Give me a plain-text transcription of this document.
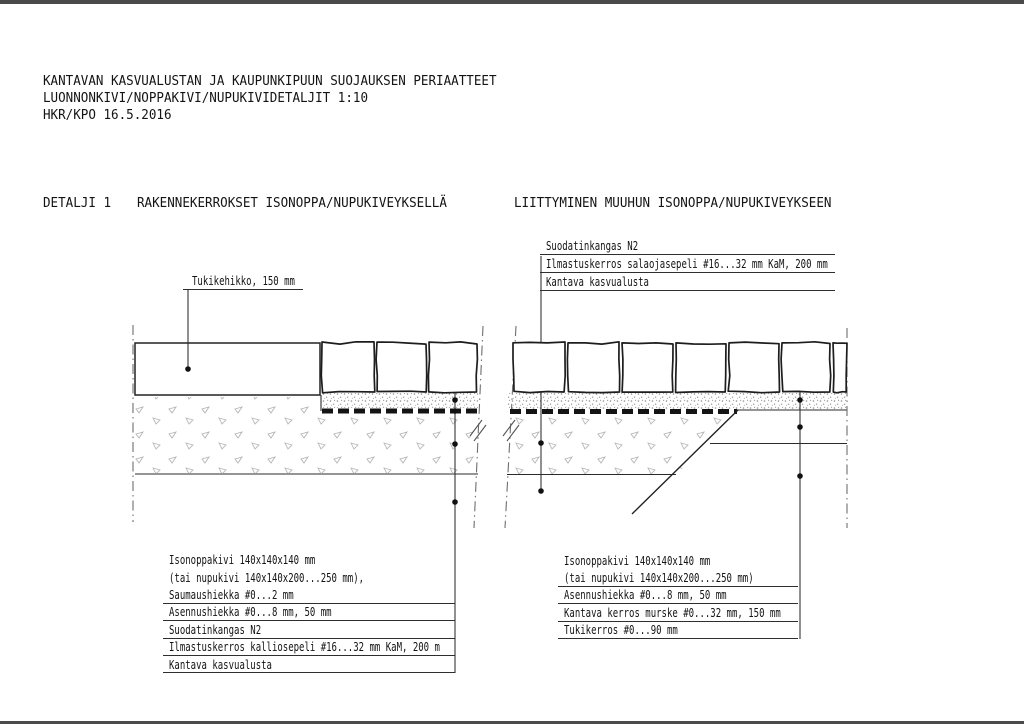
KANTAVAN KASVUALUSTAN JA KAUPUNKIPUUN SUOJAUKSEN PERIAATTEET
LUONNONKIVI/NOPPAKIVI/NUPUKIVIDETALJIT 1:10
HKR/KPO 16.5.2016
DETALJI 1 RAKENNEKERROKSET ISONOPPA/NUPUKIVEYKSELLÄ	LIITTYMINEN MUUHUN ISONOPPA/NUPUKIVEYKSEEN
Tukikehikko, 150 mm
Suodatinkangas N2
Ilmastuskerros salaojasepeli #16...32 mm KaM, 200 mm
Kantava kasvualusta
Isonoppakivi 140x140x140 mm
(tai nupukivi 140x140x200...250 mm),
Saumaushiekka #0...2 mm
Asennushiekka #0...8 mm, 50 mm
Suodatinkangas N2
Ilmastuskerros kalliosepeli #16...32 mm KaM, 200 m
Kantava kasvualusta
Isonoppakivi 140x140x140 mm
(tai nupukivi 140x140x200...250 mm)
Asennushiekka #0...8 mm, 50 mm
Kantava kerros murske #0...32 mm, 150 mm
Tukikerros #0...90 mm
